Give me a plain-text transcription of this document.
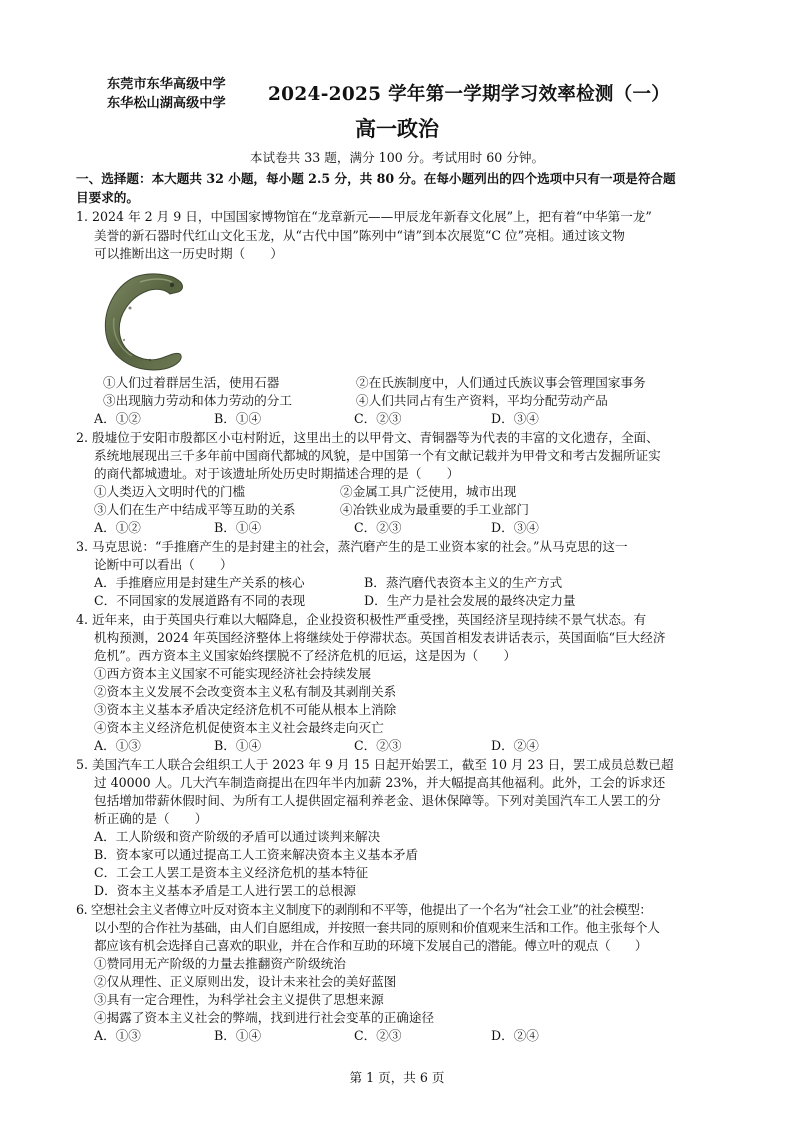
东莞市东华高级中学
东华松山湖高级中学 2024-2025 学年第一学期学习效率检测（一）
高一政治
本试卷共 33 题，满分 100 分。考试用时 60 分钟。
一、选择题：本大题共 32 小题，每小题 2.5 分，共 80 分。在每小题列出的四个选项中只有一项是符合题
目要求的。
1. 2024 年 2 月 9 日，中国国家博物馆在“龙章新元——甲辰龙年新春文化展”上，把有着“中华第一龙”
美誉的新石器时代红山文化玉龙，从“古代中国”陈列中“请”到本次展览“C 位”亮相。通过该文物
可以推断出这一历史时期（　　）
①人们过着群居生活，使用石器	②在氏族制度中，人们通过氏族议事会管理国家事务
③出现脑力劳动和体力劳动的分工	④人们共同占有生产资料，平均分配劳动产品
A．①②	B．①④	C．②③	D．③④
2. 殷墟位于安阳市殷都区小屯村附近，这里出土的以甲骨文、青铜器等为代表的丰富的文化遗存，全面、
系统地展现出三千多年前中国商代都城的风貌，是中国第一个有文献记载并为甲骨文和考古发掘所证实
的商代都城遗址。对于该遗址所处历史时期描述合理的是（　　）
①人类迈入文明时代的门槛	②金属工具广泛使用，城市出现
③人们在生产中结成平等互助的关系	④冶铁业成为最重要的手工业部门
A．①②	B．①④	C．②③	D．③④
3. 马克思说：“手推磨产生的是封建主的社会，蒸汽磨产生的是工业资本家的社会。”从马克思的这一
论断中可以看出（　　）
A．手推磨应用是封建生产关系的核心	B．蒸汽磨代表资本主义的生产方式
C．不同国家的发展道路有不同的表现	D．生产力是社会发展的最终决定力量
4. 近年来，由于英国央行难以大幅降息，企业投资积极性严重受挫，英国经济呈现持续不景气状态。有
机构预测，2024 年英国经济整体上将继续处于停滞状态。英国首相发表讲话表示，英国面临“巨大经济
危机”。西方资本主义国家始终摆脱不了经济危机的厄运，这是因为（　　）
①西方资本主义国家不可能实现经济社会持续发展
②资本主义发展不会改变资本主义私有制及其剥削关系
③资本主义基本矛盾决定经济危机不可能从根本上消除
④资本主义经济危机促使资本主义社会最终走向灭亡
A．①③	B．①④	C．②③	D．②④
5. 美国汽车工人联合会组织工人于 2023 年 9 月 15 日起开始罢工，截至 10 月 23 日，罢工成员总数已超
过 40000 人。几大汽车制造商提出在四年半内加薪 23%，并大幅提高其他福利。此外，工会的诉求还
包括增加带薪休假时间、为所有工人提供固定福利养老金、退休保障等。下列对美国汽车工人罢工的分
析正确的是（　　）
A．工人阶级和资产阶级的矛盾可以通过谈判来解决
B．资本家可以通过提高工人工资来解决资本主义基本矛盾
C．工会工人罢工是资本主义经济危机的基本特征
D．资本主义基本矛盾是工人进行罢工的总根源
6. 空想社会主义者傅立叶反对资本主义制度下的剥削和不平等，他提出了一个名为“社会工业”的社会模型：
以小型的合作社为基础，由人们自愿组成，并按照一套共同的原则和价值观来生活和工作。他主张每个人
都应该有机会选择自己喜欢的职业，并在合作和互助的环境下发展自己的潜能。傅立叶的观点（　　）
①赞同用无产阶级的力量去推翻资产阶级统治
②仅从理性、正义原则出发，设计未来社会的美好蓝图
③具有一定合理性，为科学社会主义提供了思想来源
④揭露了资本主义社会的弊端，找到进行社会变革的正确途径
A．①③	B．①④	C．②③	D．②④
第 1 页，共 6 页
